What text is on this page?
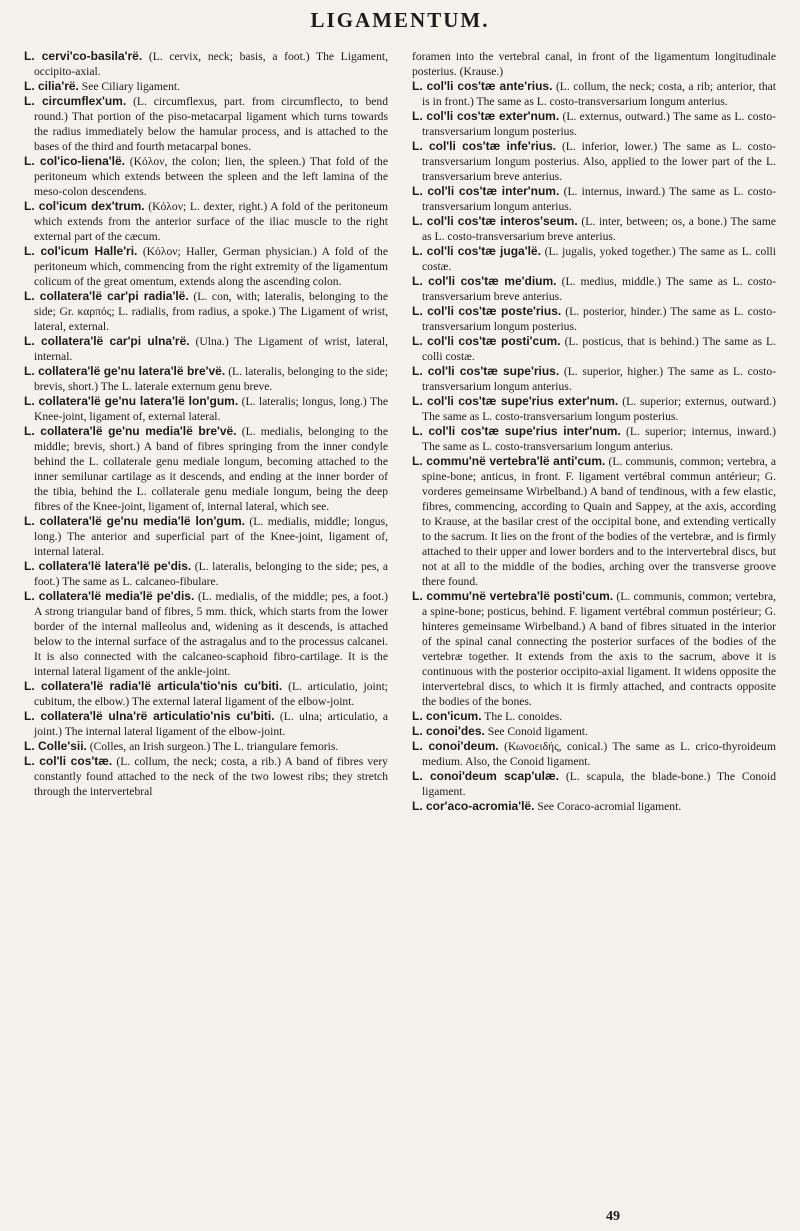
LIGAMENTUM.

L. cervi'co-basila'rë. (L. cervix, neck; basis, a foot.) The Ligament, occipito-axial.

L. cilia'rë. See Ciliary ligament.

L. circumflex'um. (L. circumflexus, part. from circumflecto, to bend round.) That portion of the piso-metacarpal ligament which turns towards the radius immediately below the hamular process, and is attached to the bases of the third and fourth metacarpal bones.

L. col'ico-liena'lë. (Κόλον, the colon; lien, the spleen.) That fold of the peritoneum which extends between the spleen and the left lamina of the meso-colon descendens.

L. col'icum dex'trum. (Κόλον; L. dexter, right.) A fold of the peritoneum which extends from the anterior surface of the iliac muscle to the right external part of the cæcum.

L. col'icum Halle'ri. (Κόλον; Haller, German physician.) A fold of the peritoneum which, commencing from the right extremity of the ligamentum colicum of the great omentum, extends along the ascending colon.

L. collatera'lë car'pi radia'lë. (L. con, with; lateralis, belonging to the side; Gr. καρπός; L. radialis, from radius, a spoke.) The Ligament of wrist, lateral, external.

L. collatera'lë car'pi ulna'rë. (Ulna.) The Ligament of wrist, lateral, internal.

L. collatera'lë ge'nu latera'lë bre'vë. (L. lateralis, belonging to the side; brevis, short.) The L. laterale externum genu breve.

L. collatera'lë ge'nu latera'lë lon'gum. (L. lateralis; longus, long.) The Knee-joint, ligament of, external lateral.

L. collatera'lë ge'nu media'lë bre'vë. (L. medialis, belonging to the middle; brevis, short.) A band of fibres springing from the inner condyle behind the L. collaterale genu mediale longum, becoming attached to the inner semilunar cartilage as it descends, and ending at the inner border of the tibia, behind the L. collaterale genu mediale longum, being the deep fibres of the Knee-joint, ligament of, internal lateral, which see.

L. collatera'lë ge'nu media'lë lon'gum. (L. medialis, middle; longus, long.) The anterior and superficial part of the Knee-joint, ligament of, internal lateral.

L. collatera'lë latera'lë pe'dis. (L. lateralis, belonging to the side; pes, a foot.) The same as L. calcaneo-fibulare.

L. collatera'lë media'lë pe'dis. (L. medialis, of the middle; pes, a foot.) A strong triangular band of fibres, 5 mm. thick, which starts from the lower border of the internal malleolus and, widening as it descends, is attached below to the internal surface of the astragalus and to the processus calcanei. It is also connected with the calcaneo-scaphoid fibro-cartilage. It is the internal lateral ligament of the ankle-joint.

L. collatera'lë radia'lë articula'tio'nis cu'biti. (L. articulatio, joint; cubitum, the elbow.) The external lateral ligament of the elbow-joint.

L. collatera'lë ulna'rë articulatio'nis cu'biti. (L. ulna; articulatio, a joint.) The internal lateral ligament of the elbow-joint.

L. Colle'sii. (Colles, an Irish surgeon.) The L. triangulare femoris.

L. col'li cos'tæ. (L. collum, the neck; costa, a rib.) A band of fibres very constantly found attached to the neck of the two lowest ribs; they stretch through the intervertebral

foramen into the vertebral canal, in front of the ligamentum longitudinale posterius. (Krause.)

L. col'li cos'tæ ante'rius. (L. collum, the neck; costa, a rib; anterior, that is in front.) The same as L. costo-transversarium longum anterius.

L. col'li cos'tæ exter'num. (L. externus, outward.) The same as L. costo-transversarium longum posterius.

L. col'li cos'tæ infe'rius. (L. inferior, lower.) The same as L. costo-transversarium longum posterius. Also, applied to the lower part of the L. transversarium breve anterius.

L. col'li cos'tæ inter'num. (L. internus, inward.) The same as L. costo-transversarium longum anterius.

L. col'li cos'tæ interos'seum. (L. inter, between; os, a bone.) The same as L. costo-transversarium breve anterius.

L. col'li cos'tæ juga'lë. (L. jugalis, yoked together.) The same as L. colli costæ.

L. col'li cos'tæ me'dium. (L. medius, middle.) The same as L. costo-transversarium breve anterius.

L. col'li cos'tæ poste'rius. (L. posterior, hinder.) The same as L. costo-transversarium longum posterius.

L. col'li cos'tæ posti'cum. (L. posticus, that is behind.) The same as L. colli costæ.

L. col'li cos'tæ supe'rius. (L. superior, higher.) The same as L. costo-transversarium longum anterius.

L. col'li cos'tæ supe'rius exter'num. (L. superior; externus, outward.) The same as L. costo-transversarium longum posterius.

L. col'li cos'tæ supe'rius inter'num. (L. superior; internus, inward.) The same as L. costo-transversarium longum anterius.

L. commu'në vertebra'lë anti'cum. (L. communis, common; vertebra, a spine-bone; anticus, in front. F. ligament vertébral commun antérieur; G. vorderes gemeinsame Wirbelband.) A band of tendinous, with a few elastic, fibres, commencing, according to Quain and Sappey, at the axis, according to Krause, at the basilar crest of the occipital bone, and extending vertically to the sacrum. It lies on the front of the bodies of the vertebræ, and is firmly attached to their upper and lower borders and to the intervertebral discs, but not at all to the middle of the bodies, arching over the transverse groove there found.

L. commu'në vertebra'lë posti'cum. (L. communis, common; vertebra, a spine-bone; posticus, behind. F. ligament vertébral commun postérieur; G. hinteres gemeinsame Wirbelband.) A band of fibres situated in the interior of the spinal canal connecting the posterior surfaces of the bodies of the vertebræ together. It extends from the axis to the sacrum, above it is continuous with the posterior occipito-axial ligament. It widens opposite the intervertebral discs, to which it is firmly attached, and contracts opposite the bodies of the bones.

L. con'icum. The L. conoides.

L. conoi'des. See Conoid ligament.

L. conoi'deum. (Κωνοειδής, conical.) The same as L. crico-thyroideum medium. Also, the Conoid ligament.

L. conoi'deum scap'ulæ. (L. scapula, the blade-bone.) The Conoid ligament.

L. cor'aco-acromia'lë. See Coraco-acromial ligament.

49
